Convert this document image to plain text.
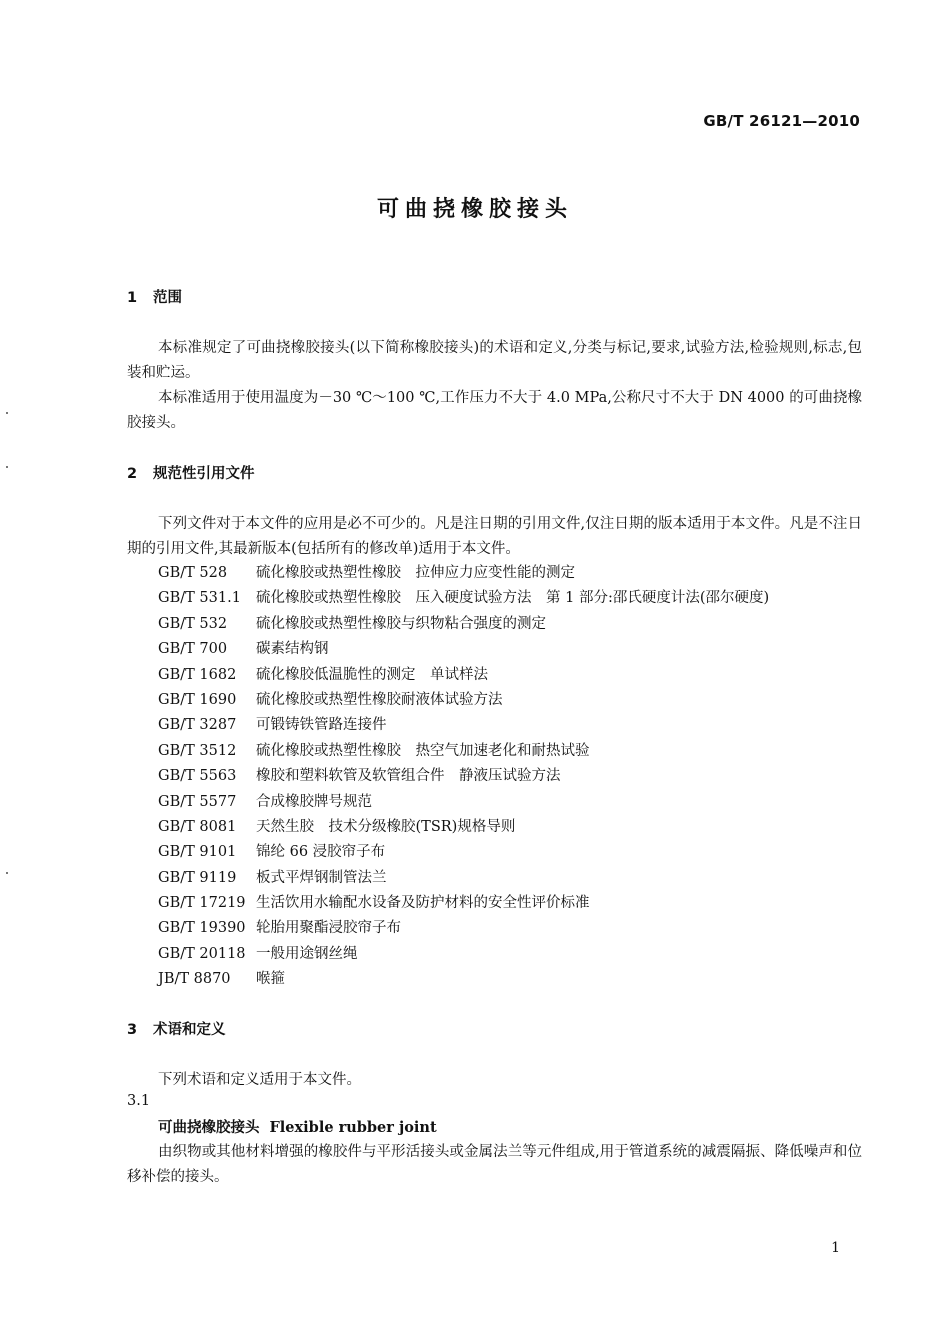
GB/T 26121—2010
可曲挠橡胶接头
1 范围
本标准规定了可曲挠橡胶接头(以下简称橡胶接头)的术语和定义,分类与标记,要求,试验方法,检验规则,标志,包装和贮运。
本标准适用于使用温度为－30 ℃～100 ℃,工作压力不大于 4.0 MPa,公称尺寸不大于 DN 4000 的可曲挠橡胶接头。
2 规范性引用文件
下列文件对于本文件的应用是必不可少的。凡是注日期的引用文件,仅注日期的版本适用于本文件。凡是不注日期的引用文件,其最新版本(包括所有的修改单)适用于本文件。
GB/T 528 硫化橡胶或热塑性橡胶　拉伸应力应变性能的测定
GB/T 531.1 硫化橡胶或热塑性橡胶　压入硬度试验方法　第 1 部分:邵氏硬度计法(邵尔硬度)
GB/T 532 硫化橡胶或热塑性橡胶与织物粘合强度的测定
GB/T 700 碳素结构钢
GB/T 1682 硫化橡胶低温脆性的测定　单试样法
GB/T 1690 硫化橡胶或热塑性橡胶耐液体试验方法
GB/T 3287 可锻铸铁管路连接件
GB/T 3512 硫化橡胶或热塑性橡胶　热空气加速老化和耐热试验
GB/T 5563 橡胶和塑料软管及软管组合件　静液压试验方法
GB/T 5577 合成橡胶牌号规范
GB/T 8081 天然生胶　技术分级橡胶(TSR)规格导则
GB/T 9101 锦纶 66 浸胶帘子布
GB/T 9119 板式平焊钢制管法兰
GB/T 17219 生活饮用水输配水设备及防护材料的安全性评价标准
GB/T 19390 轮胎用聚酯浸胶帘子布
GB/T 20118 一般用途钢丝绳
JB/T 8870 喉箍
3 术语和定义
下列术语和定义适用于本文件。
3.1
可曲挠橡胶接头 Flexible rubber joint
由织物或其他材料增强的橡胶件与平形活接头或金属法兰等元件组成,用于管道系统的减震隔振、降低噪声和位移补偿的接头。
1
